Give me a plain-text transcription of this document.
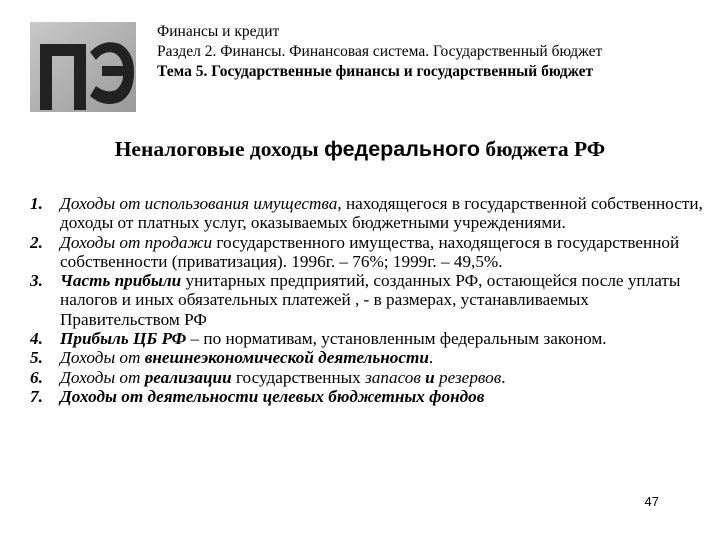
Финансы и кредит
Раздел 2. Финансы. Финансовая система. Государственный бюджет
Тема 5. Государственные финансы и государственный бюджет
Неналоговые доходы федерального бюджета РФ
1. Доходы от использования имущества, находящегося в государственной собственности, доходы от платных услуг, оказываемых бюджетными учреждениями.
2. Доходы от продажи государственного имущества, находящегося в государственной собственности (приватизация). 1996г. – 76%; 1999г. – 49,5%.
3. Часть прибыли унитарных предприятий, созданных РФ, остающейся после уплаты налогов и иных обязательных платежей , - в размерах, устанавливаемых Правительством РФ
4. Прибыль ЦБ РФ – по нормативам, установленным федеральным законом.
5. Доходы от внешнеэкономической деятельности.
6. Доходы от реализации государственных запасов и резервов.
7. Доходы от деятельности целевых бюджетных фондов
47
